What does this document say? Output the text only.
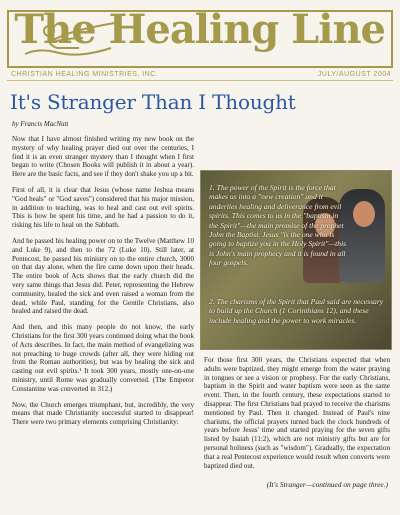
The Healing Line
CHRISTIAN HEALING MINISTRIES, INC.	JULY/AUGUST 2004
It's Stranger Than I Thought
by Francis MacNutt

Now that I have almost finished writing my new book on the mystery of why healing prayer died out over the centuries, I find it is an even stranger mystery than I thought when I first began to write (Chosen Books will publish it in about a year). Here are the basic facts, and see if they don't shake you up a bit.

First of all, it is clear that Jesus (whose name Jeshua means "God heals" or "God saves") considered that his major mission, in addition to teaching, was to heal and cast out evil spirits. This is how he spent his time, and he had a passion to do it, risking his life to heal on the Sabbath.

And he passed his healing power on to the Twelve (Matthew 10 and Luke 9), and then to the 72 (Luke 10). Still later, at Pentecost, he passed his ministry on to the entire church, 3000 on that day alone, when the fire came down upon their heads. The entire book of Acts shows that the early church did the very same things that Jesus did. Peter, representing the Hebrew community, healed the sick and even raised a woman from the dead, while Paul, standing for the Gentile Christians, also healed and raised the dead.

And then, and this many people do not know, the early Christians for the first 300 years continued doing what the book of Acts describes. In fact, the main method of evangelizing was not preaching to huge crowds (after all, they were hiding out from the Roman authorities), but was by healing the sick and casting out evil spirits.¹ It took 300 years, mostly one-on-one ministry, until Rome was gradually converted. (The Emperor Constantine was converted in 312.)

Now, the Church emerges triumphant, but, incredibly, the very means that made Christianity successful started to disappear! There were two primary elements comprising Christianity:

1. The power of the Spirit is the force that makes us into a "new creation" and it underlies healing and deliverance from evil spirits. This comes to us in the "baptism in the Spirit"—the main promise of the prophet John the Baptist. Jesus "is the one who is going to baptize you in the Holy Spirit"—this is John's main prophecy and it is found in all four gospels.
2. The charisms of the Spirit that Paul said are necessary to build up the Church (1 Corinthians 12), and these include healing and the power to work miracles.

For those first 300 years, the Christians expected that when adults were baptized, they might emerge from the water praying in tongues or see a vision or prophesy. For the early Christians, baptism in the Spirit and water baptism were seen as the same event. Then, in the fourth century, these expectations started to disappear. The first Christians had prayed to receive the charisms mentioned by Paul. Then it changed. Instead of Paul's nine charisms, the official prayers turned back the clock hundreds of years before Jesus' time and started praying for the seven gifts listed by Isaiah (11:2), which are not ministry gifts but are for personal holiness (such as "wisdom"). Gradually, the expectation that a real Pentecost experience would result when converts were baptized died out.

(It's Stranger—continued on page three.)
